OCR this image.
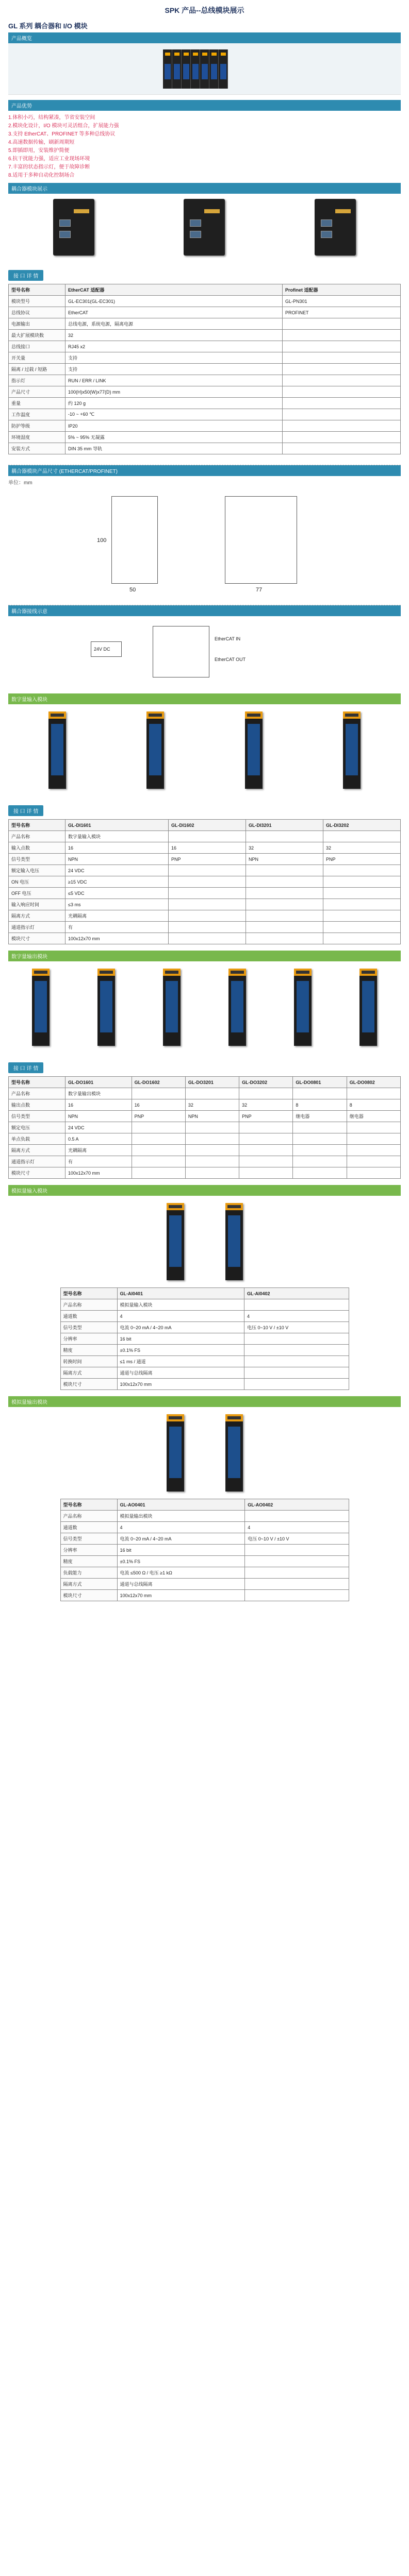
SPK 产品--总线模块展示
GL 系列 耦合器和 I/O 模块
产品概览
产品优势
1.体积小巧，结构紧凑，节省安装空间
2.模块化设计，I/O 模块可灵活组合，扩展能力强
3.支持 EtherCAT、PROFINET 等多种总线协议
4.高速数据传输，刷新周期短
5.即插即用，安装维护简便
6.抗干扰能力强，适应工业现场环境
7.丰富的状态指示灯，便于故障诊断
8.适用于多种自动化控制场合
耦合器模块展示
接 口 详 情
型号名称	EtherCAT 适配器	Profinet 适配器
模块型号	GL-EC301(GL-EC301)	GL-PN301
总线协议	EtherCAT	PROFINET
电源输出	总线电源，系统电源，隔离电源	
最大扩展模块数	32	
总线接口	RJ45 x2	
开关量	支持	
隔离 / 过载 / 短路	支持	
指示灯	RUN / ERR / LINK	
产品尺寸	100(H)x50(W)x77(D) mm	
重量	约 120 g	
工作温度	-10 ~ +60 ℃	
防护等级	IP20	
环境湿度	5% ~ 95% 无凝露	
安装方式	DIN 35 mm 导轨	
耦合器模块产品尺寸 (ETHERCAT/PROFINET)
单位：mm
50
100
77
耦合器接线示意
24V DC
EtherCAT IN
EtherCAT OUT
数字量输入模块
接 口 详 情
型号名称	GL-DI1601	GL-DI1602	GL-DI3201	GL-DI3202
产品名称	数字量输入模块			
输入点数	16	16	32	32
信号类型	NPN	PNP	NPN	PNP
额定输入电压	24 VDC			
ON 电压	≥15 VDC			
OFF 电压	≤5 VDC			
输入响应时间	≤3 ms			
隔离方式	光耦隔离			
通道指示灯	有			
模块尺寸	100x12x70 mm			
数字量输出模块
接 口 详 情
型号名称	GL-DO1601	GL-DO1602	GL-DO3201	GL-DO3202	GL-DO0801	GL-DO0802
产品名称	数字量输出模块					
输出点数	16	16	32	32	8	8
信号类型	NPN	PNP	NPN	PNP	继电器	继电器
额定电压	24 VDC					
单点负载	0.5 A					
隔离方式	光耦隔离					
通道指示灯	有					
模块尺寸	100x12x70 mm					
模拟量输入模块
型号名称	GL-AI0401	GL-AI0402
产品名称	模拟量输入模块	
通道数	4	4
信号类型	电流 0~20 mA / 4~20 mA	电压 0~10 V / ±10 V
分辨率	16 bit	
精度	±0.1% FS	
转换时间	≤1 ms / 通道	
隔离方式	通道与总线隔离	
模块尺寸	100x12x70 mm	
模拟量输出模块
型号名称	GL-AO0401	GL-AO0402
产品名称	模拟量输出模块	
通道数	4	4
信号类型	电流 0~20 mA / 4~20 mA	电压 0~10 V / ±10 V
分辨率	16 bit	
精度	±0.1% FS	
负载能力	电流 ≤500 Ω / 电压 ≥1 kΩ	
隔离方式	通道与总线隔离	
模块尺寸	100x12x70 mm	
